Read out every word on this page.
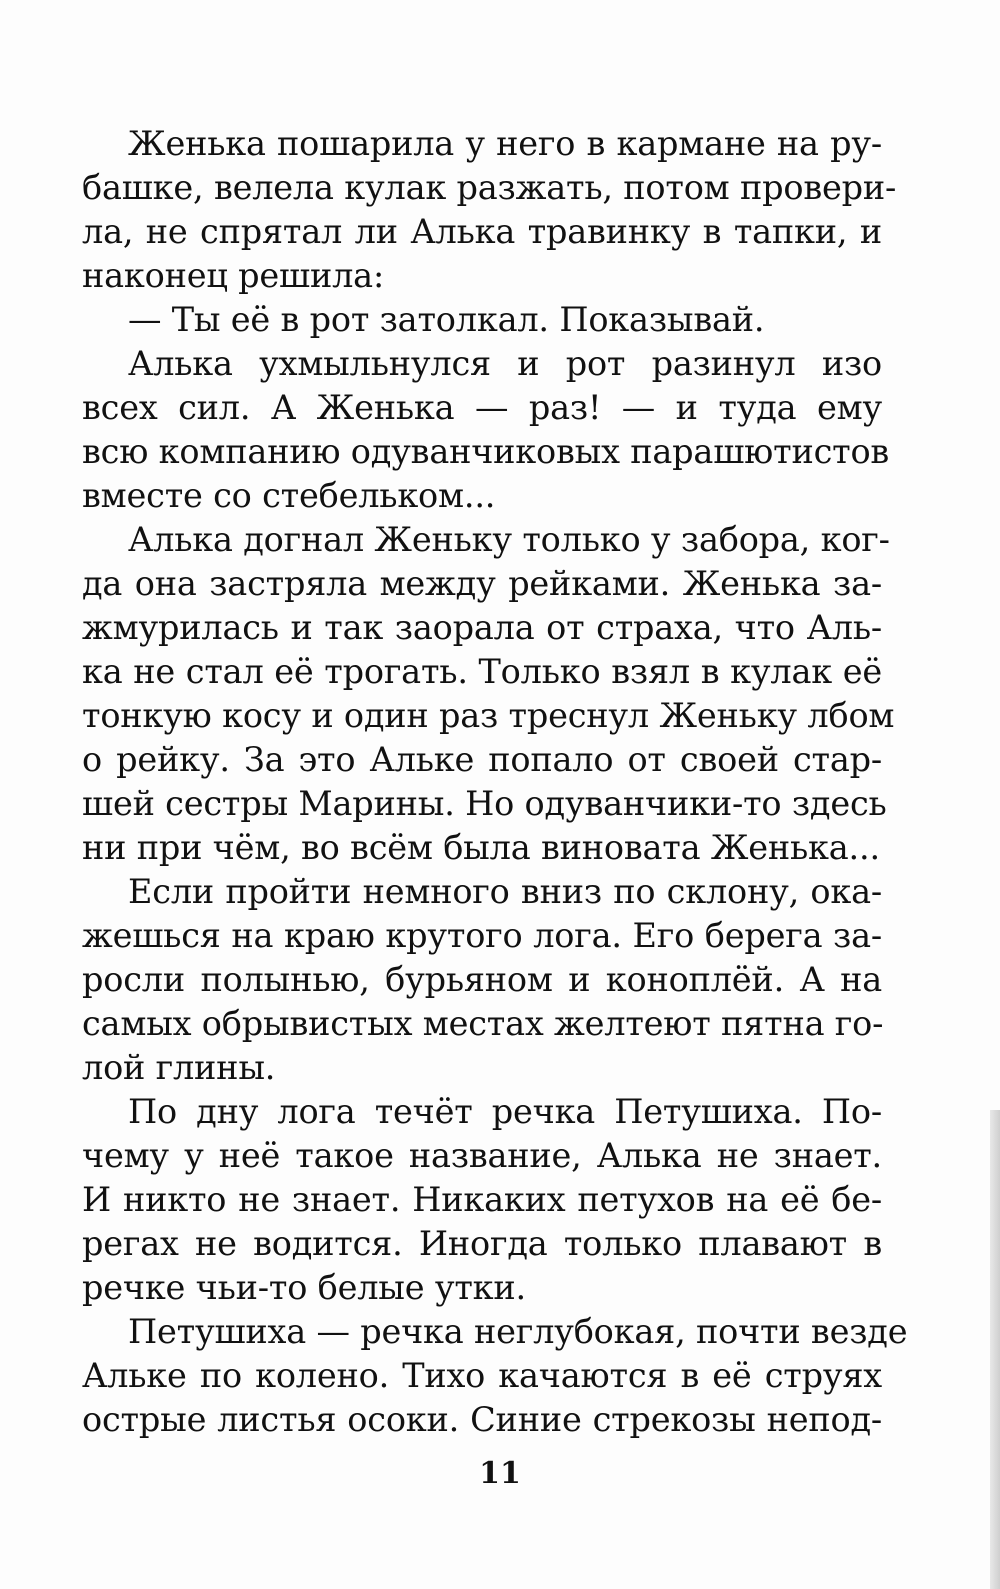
Женька пошарила у него в кармане на ру-
башке, велела кулак разжать, потом провери-
ла, не спрятал ли Алька травинку в тапки, и
наконец решила:
— Ты её в рот затолкал. Показывай.
Алька ухмыльнулся и рот разинул изо
всех сил. А Женька — раз! — и туда ему
всю компанию одуванчиковых парашютистов
вместе со стебельком...
Алька догнал Женьку только у забора, ког-
да она застряла между рейками. Женька за-
жмурилась и так заорала от страха, что Аль-
ка не стал её трогать. Только взял в кулак её
тонкую косу и один раз треснул Женьку лбом
о рейку. За это Альке попало от своей стар-
шей сестры Марины. Но одуванчики-то здесь
ни при чём, во всём была виновата Женька...
Если пройти немного вниз по склону, ока-
жешься на краю крутого лога. Его берега за-
росли полынью, бурьяном и коноплёй. А на
самых обрывистых местах желтеют пятна го-
лой глины.
По дну лога течёт речка Петушиха. По-
чему у неё такое название, Алька не знает.
И никто не знает. Никаких петухов на её бе-
регах не водится. Иногда только плавают в
речке чьи-то белые утки.
Петушиха — речка неглубокая, почти везде
Альке по колено. Тихо качаются в её струях
острые листья осоки. Синие стрекозы непод-
11
